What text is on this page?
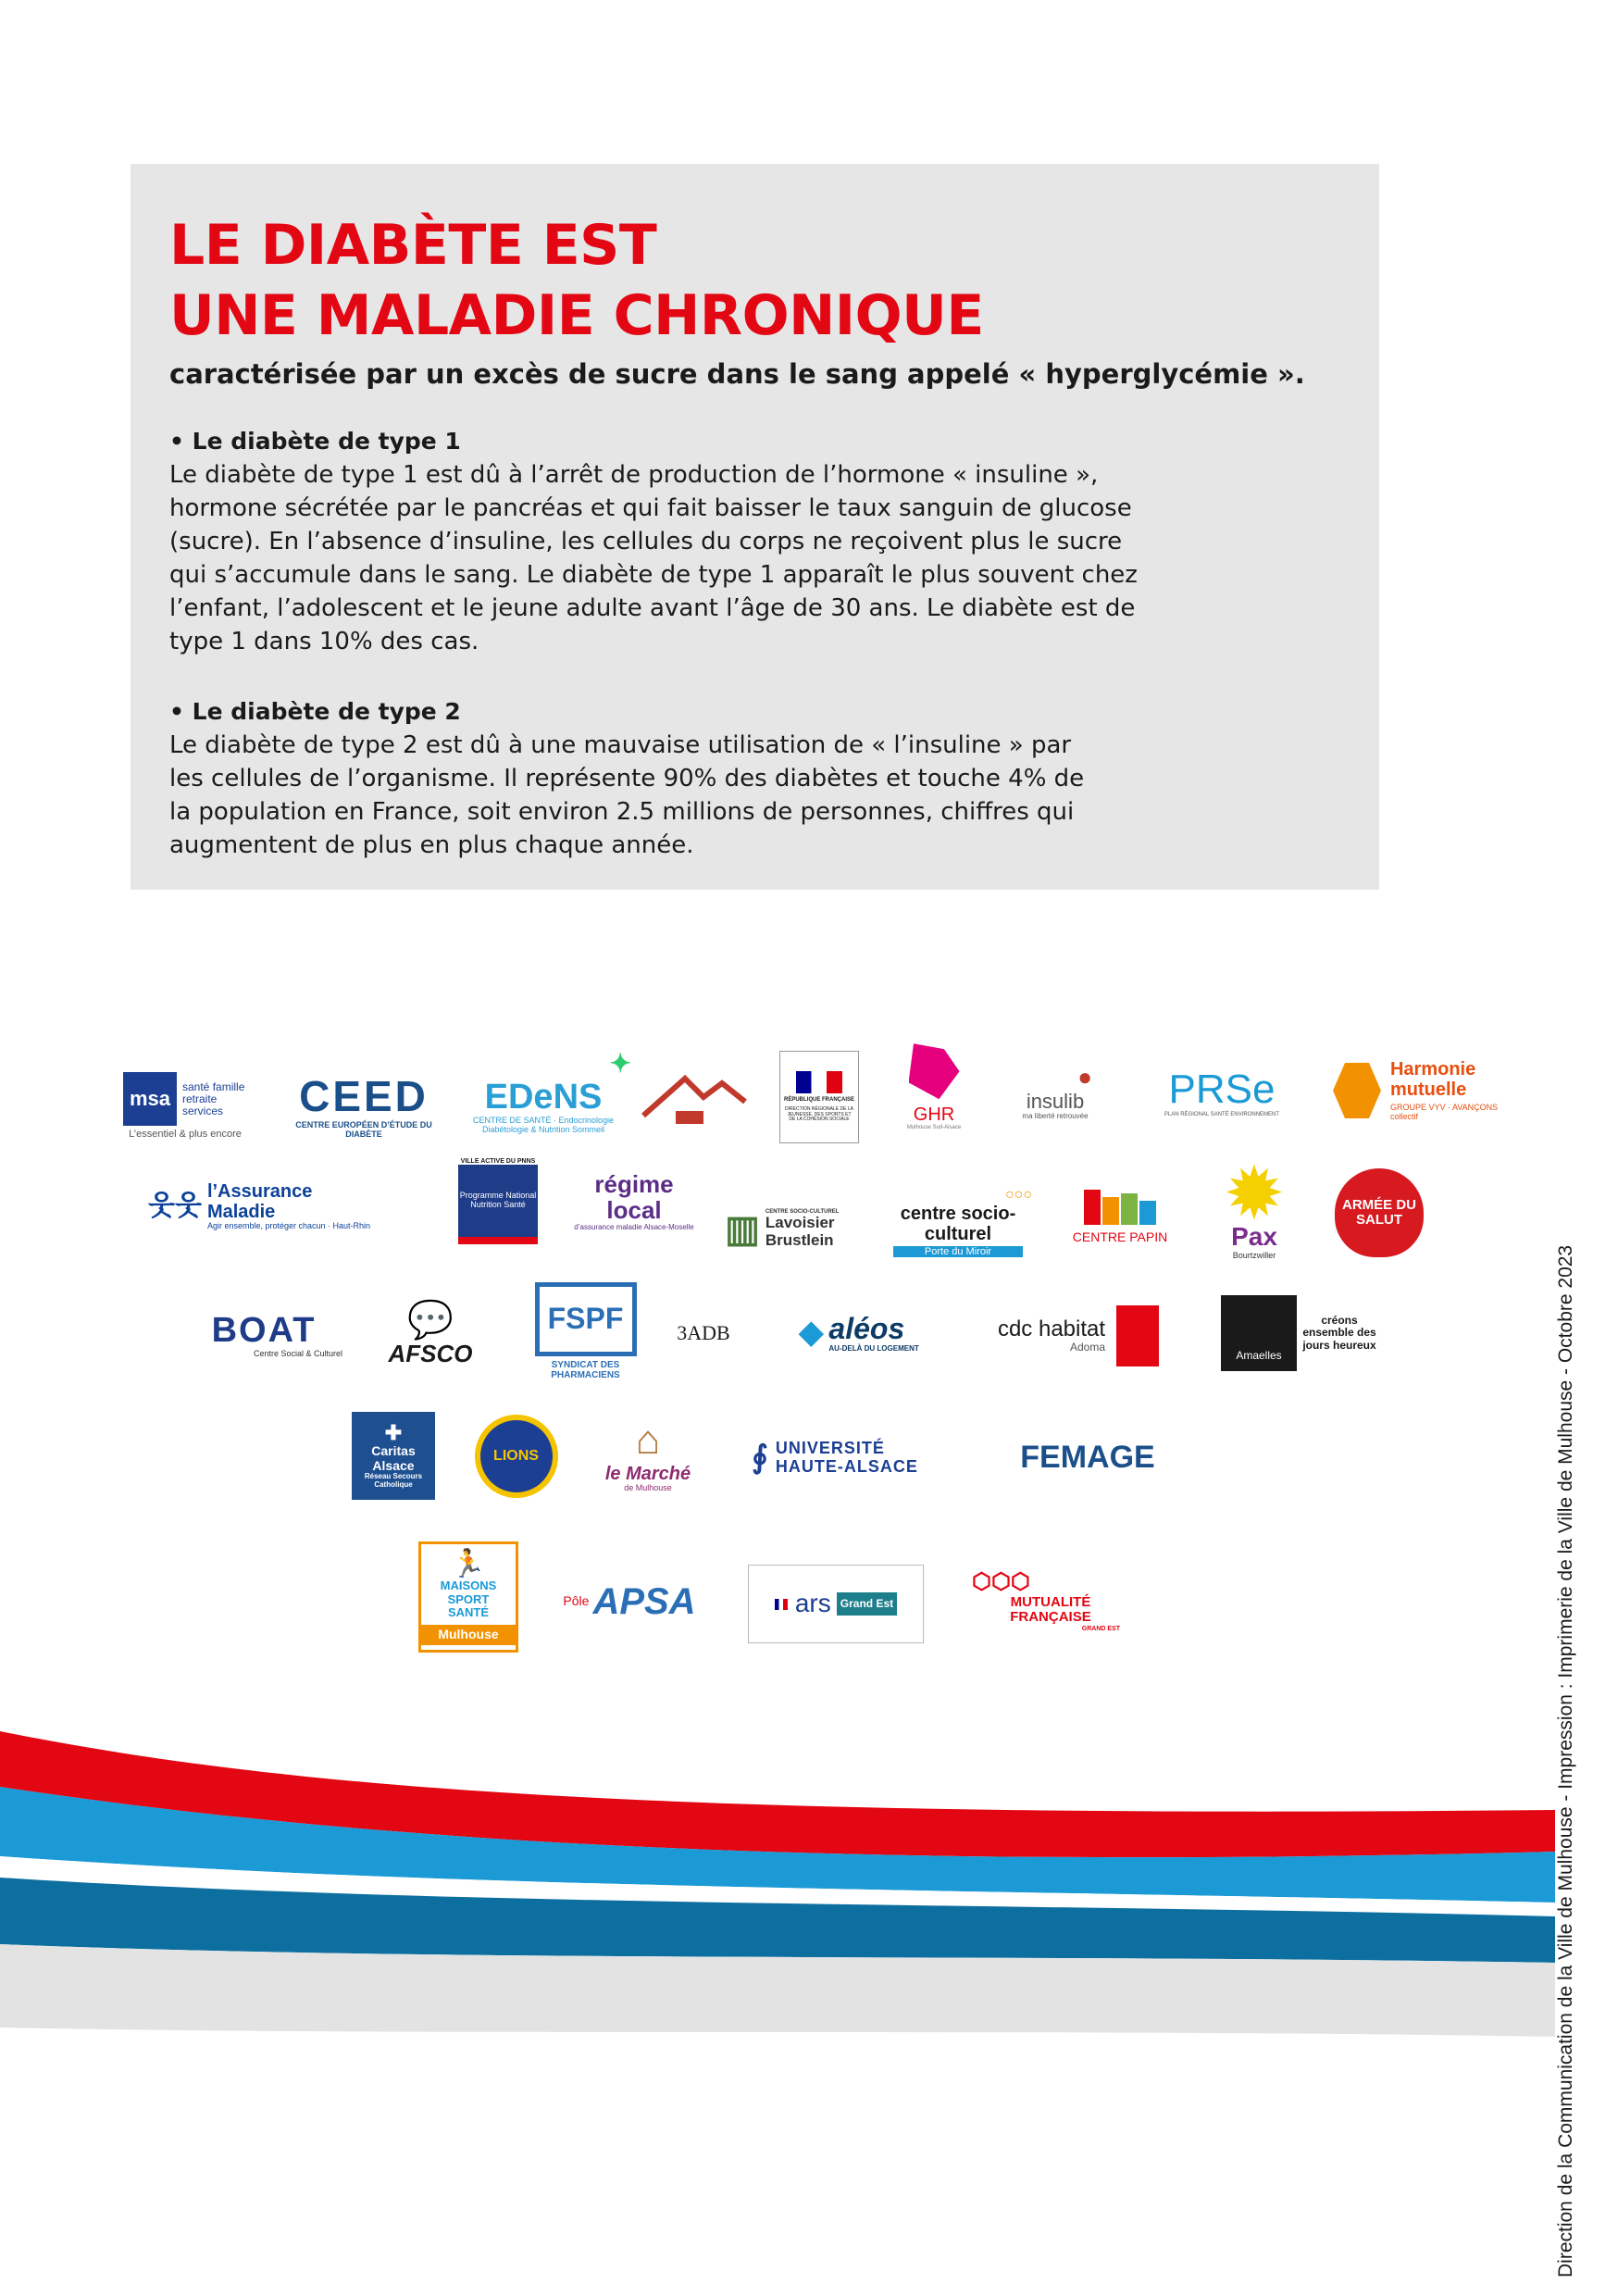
LE DIABÈTE EST
UNE MALADIE CHRONIQUE

caractérisée par un excès de sucre dans le sang appelé « hyperglycémie ».

• Le diabète de type 1

Le diabète de type 1 est dû à l’arrêt de production de l’hormone « insuline »,
hormone sécrétée par le pancréas et qui fait baisser le taux sanguin de glucose
(sucre). En l’absence d’insuline, les cellules du corps ne reçoivent plus le sucre
qui s’accumule dans le sang. Le diabète de type 1 apparaît le plus souvent chez
l’enfant, l’adolescent et le jeune adulte avant l’âge de 30 ans. Le diabète est de
type 1 dans 10% des cas.

• Le diabète de type 2

Le diabète de type 2 est dû à une mauvaise utilisation de « l’insuline » par
les cellules de l’organisme. Il représente 90% des diabètes et touche 4% de
la population en France, soit environ 2.5 millions de personnes, chiffres qui
augmentent de plus en plus chaque année.

msa
santé famille retraite services
L’essentiel & plus encore
CEED
CENTRE EUROPÉEN D’ÉTUDE DU DIABÈTE
✦
EDeNS
CENTRE DE SANTÉ · Endocrinologie Diabétologie & Nutrition Sommeil
RÉPUBLIQUE FRANÇAISE
DIRECTION RÉGIONALE DE LA JEUNESSE, DES SPORTS ET DE LA COHÉSION SOCIALE	GHR
Mulhouse Sud-Alsace
●
insulib
ma liberté retrouvée
PRSe
PLAN RÉGIONAL SANTÉ ENVIRONNEMENT
Harmonie mutuelle
GROUPE VYV · AVANÇONS collectif
웃웃 l’Assurance Maladie
Agir ensemble, protéger chacun · Haut-Rhin
VILLE ACTIVE DU PNNS
Programme National Nutrition Santé
régime local
d’assurance maladie Alsace-Moselle ▥ CENTRE SOCIO-CULTUREL
Lavoisier Brustlein
○○○
centre socio-culturel
Porte du Miroir
CENTRE PAPIN
✹
Pax
Bourtzwiller
ARMÉE DU SALUT
BOAT
Centre Social & Culturel
💬
AFSCO
FSPF
SYNDICAT DES PHARMACIENS
3ADB ◆ aléos
AU-DELÀ DU LOGEMENT
cdc habitat
Adoma
Amaelles
créons ensemble des jours heureux
✚
Caritas Alsace
Réseau Secours Catholique
LIONS	⌂
le Marché
de Mulhouse
∮ UNIVERSITÉ HAUTE-ALSACE	FEMAGE
🏃
MAISONS SPORT SANTÉ
Mulhouse
Pôle APSA	ars Grand Est
⬡⬡⬡
MUTUALITÉ FRANÇAISE
GRAND EST	Direction de la Communication de la Ville de Mulhouse - Impression : Imprimerie de la Ville de Mulhouse - Octobre 2023
